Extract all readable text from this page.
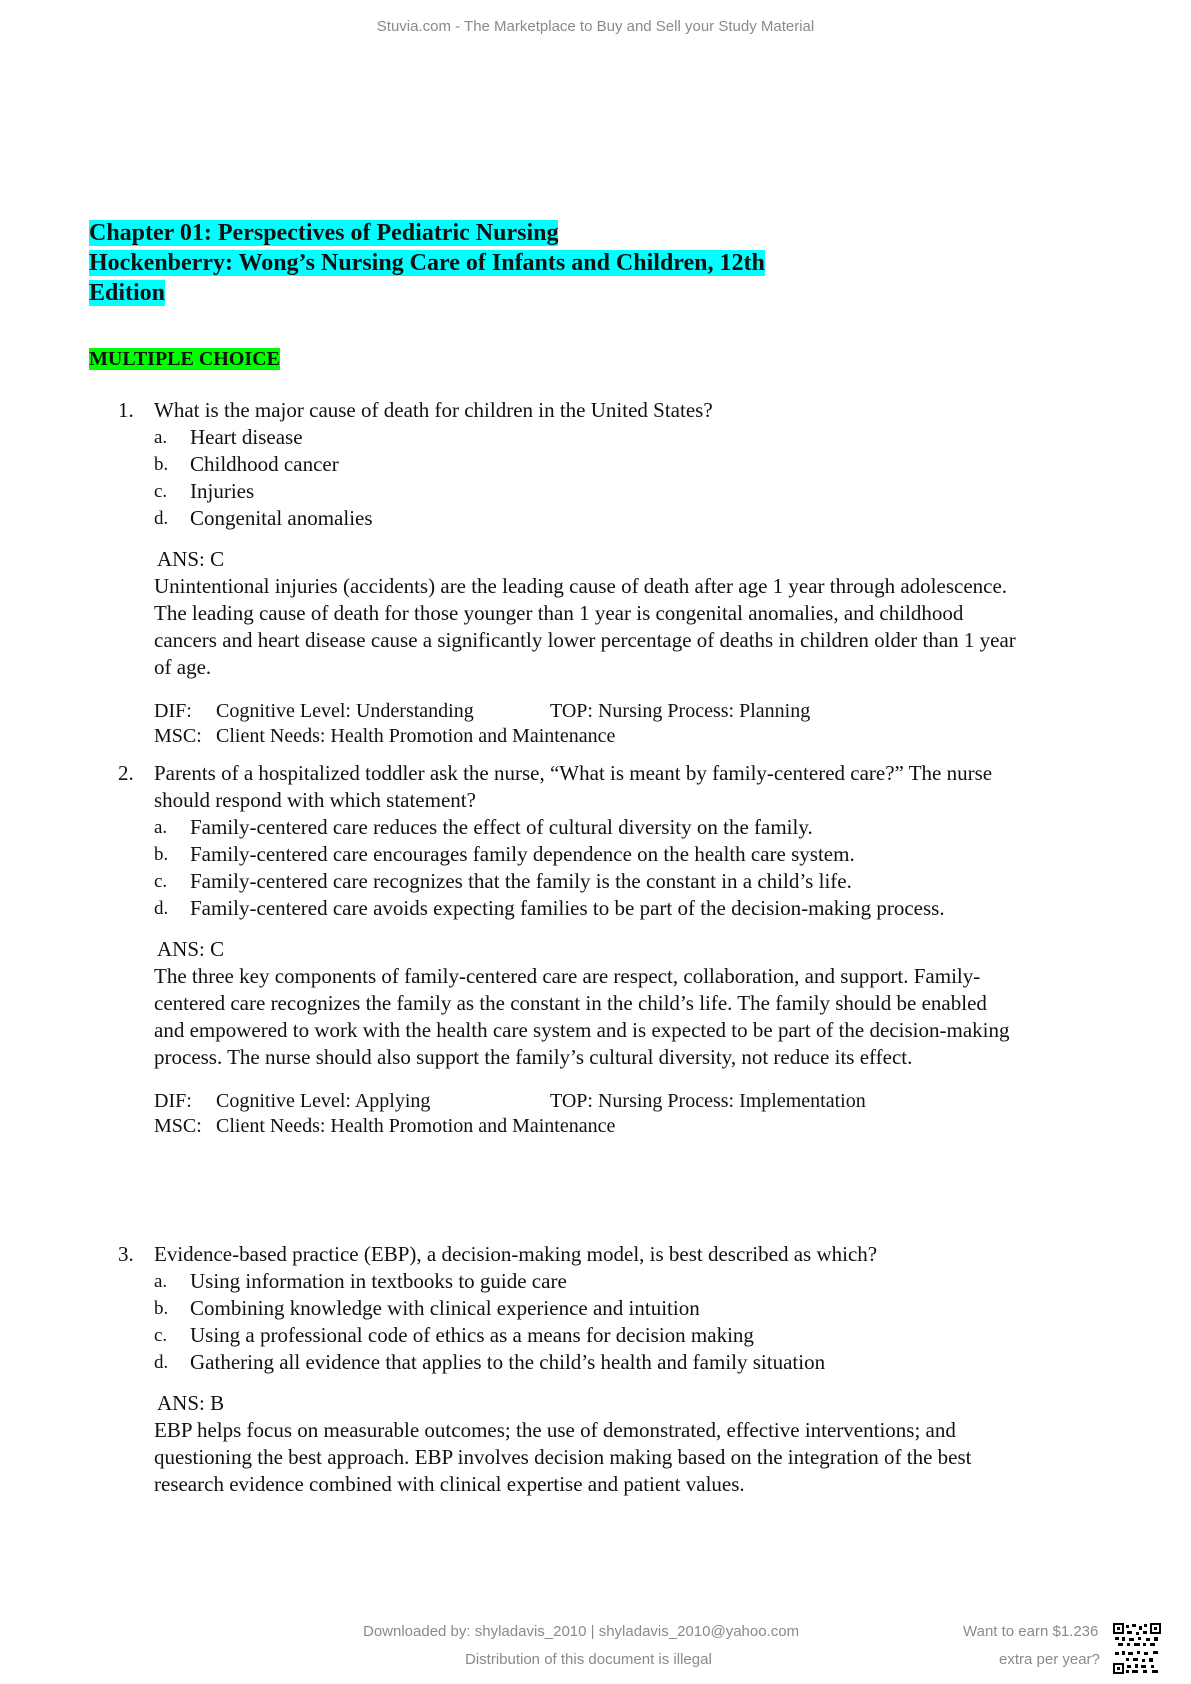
Stuvia.com - The Marketplace to Buy and Sell your Study Material
Chapter 01: Perspectives of Pediatric Nursing
Hockenberry: Wong’s Nursing Care of Infants and Children, 12th
Edition
MULTIPLE CHOICE
1. What is the major cause of death for children in the United States?
a.	Heart disease
b.	Childhood cancer
c.	Injuries
d.	Congenital anomalies
ANS: C
Unintentional injuries (accidents) are the leading cause of death after age 1 year through adolescence.
The leading cause of death for those younger than 1 year is congenital anomalies, and childhood
cancers and heart disease cause a significantly lower percentage of deaths in children older than 1 year
of age.
DIF: Cognitive Level: Understanding	TOP: Nursing Process: Planning
MSC: Client Needs: Health Promotion and Maintenance
2. Parents of a hospitalized toddler ask the nurse, “What is meant by family-centered care?” The nurse
should respond with which statement?
a.	Family-centered care reduces the effect of cultural diversity on the family.
b.	Family-centered care encourages family dependence on the health care system.
c.	Family-centered care recognizes that the family is the constant in a child’s life.
d.	Family-centered care avoids expecting families to be part of the decision-making process.
ANS: C
The three key components of family-centered care are respect, collaboration, and support. Family-
centered care recognizes the family as the constant in the child’s life. The family should be enabled
and empowered to work with the health care system and is expected to be part of the decision-making
process. The nurse should also support the family’s cultural diversity, not reduce its effect.
DIF: Cognitive Level: Applying	TOP: Nursing Process: Implementation
MSC: Client Needs: Health Promotion and Maintenance
3. Evidence-based practice (EBP), a decision-making model, is best described as which?
a.	Using information in textbooks to guide care
b.	Combining knowledge with clinical experience and intuition
c.	Using a professional code of ethics as a means for decision making
d.	Gathering all evidence that applies to the child’s health and family situation
ANS: B
EBP helps focus on measurable outcomes; the use of demonstrated, effective interventions; and
questioning the best approach. EBP involves decision making based on the integration of the best
research evidence combined with clinical expertise and patient values.
Downloaded by: shyladavis_2010 | shyladavis_2010@yahoo.com
Distribution of this document is illegal
Want to earn $1.236
extra per year?
